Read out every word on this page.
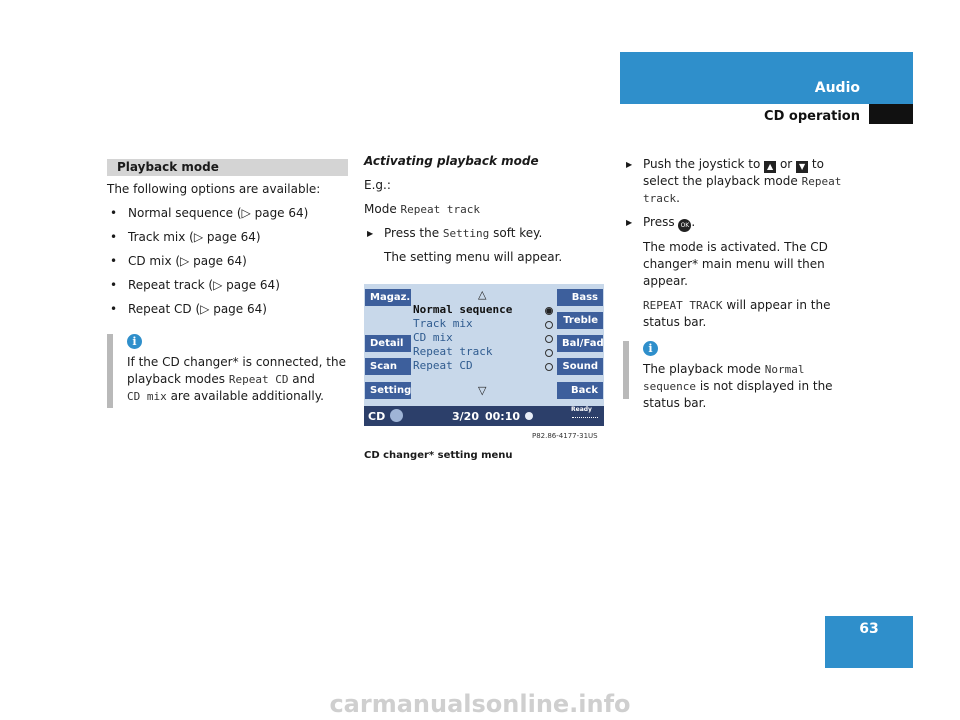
Audio
CD operation
Playback mode

The following options are available:

• Normal sequence (▷ page 64)
• Track mix (▷ page 64)
• CD mix (▷ page 64)
• Repeat track (▷ page 64)
• Repeat CD (▷ page 64)
i

If the CD changer* is connected, the playback modes Repeat CD and
CD mix are available additionally.

Activating playback mode

E.g.:

Mode Repeat track

▶ Press the Setting soft key.

The setting menu will appear.

Magaz.
Detail
Scan
Setting
Bass
Treble
Bal/Fad
Sound
Back
△
▽
Normal sequence
Track mix
CD mix
Repeat track
Repeat CD
CD	3/20 00:10
Ready
P82.86-4177-31US
CD changer* setting menu
▶ Push the joystick to ▲ or ▼ to select the playback mode Repeat track.
▶ Press OK .

The mode is activated. The CD changer* main menu will then appear.

REPEAT TRACK will appear in the status bar.

i

The playback mode Normal sequence is not displayed in the status bar.

63
carmanualsonline.info
